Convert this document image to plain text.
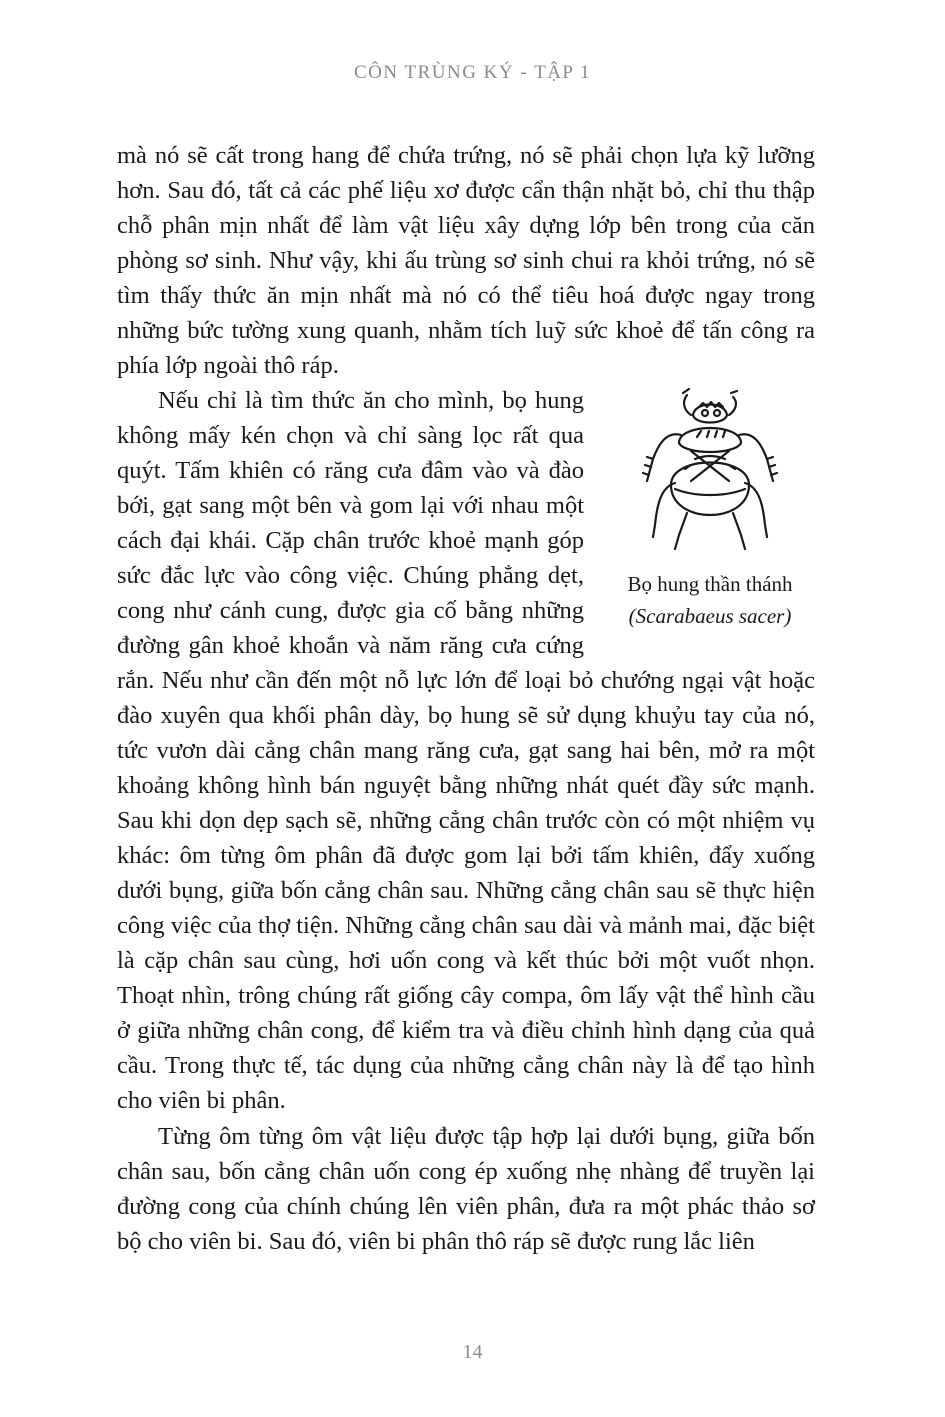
CÔN TRÙNG KÝ - TẬP 1

mà nó sẽ cất trong hang để chứa trứng, nó sẽ phải chọn lựa kỹ lưỡng hơn. Sau đó, tất cả các phế liệu xơ được cẩn thận nhặt bỏ, chỉ thu thập chỗ phân mịn nhất để làm vật liệu xây dựng lớp bên trong của căn phòng sơ sinh. Như vậy, khi ấu trùng sơ sinh chui ra khỏi trứng, nó sẽ tìm thấy thức ăn mịn nhất mà nó có thể tiêu hoá được ngay trong những bức tường xung quanh, nhằm tích luỹ sức khoẻ để tấn công ra phía lớp ngoài thô ráp.

Bọ hung thần thánh
(Scarabaeus sacer)

Nếu chỉ là tìm thức ăn cho mình, bọ hung không mấy kén chọn và chỉ sàng lọc rất qua quýt. Tấm khiên có răng cưa đâm vào và đào bới, gạt sang một bên và gom lại với nhau một cách đại khái. Cặp chân trước khoẻ mạnh góp sức đắc lực vào công việc. Chúng phẳng dẹt, cong như cánh cung, được gia cố bằng những đường gân khoẻ khoắn và năm răng cưa cứng rắn. Nếu như cần đến một nỗ lực lớn để loại bỏ chướng ngại vật hoặc đào xuyên qua khối phân dày, bọ hung sẽ sử dụng khuỷu tay của nó, tức vươn dài cẳng chân mang răng cưa, gạt sang hai bên, mở ra một khoảng không hình bán nguyệt bằng những nhát quét đầy sức mạnh. Sau khi dọn dẹp sạch sẽ, những cẳng chân trước còn có một nhiệm vụ khác: ôm từng ôm phân đã được gom lại bởi tấm khiên, đẩy xuống dưới bụng, giữa bốn cẳng chân sau. Những cẳng chân sau sẽ thực hiện công việc của thợ tiện. Những cẳng chân sau dài và mảnh mai, đặc biệt là cặp chân sau cùng, hơi uốn cong và kết thúc bởi một vuốt nhọn. Thoạt nhìn, trông chúng rất giống cây compa, ôm lấy vật thể hình cầu ở giữa những chân cong, để kiểm tra và điều chỉnh hình dạng của quả cầu. Trong thực tế, tác dụng của những cẳng chân này là để tạo hình cho viên bi phân.

Từng ôm từng ôm vật liệu được tập hợp lại dưới bụng, giữa bốn chân sau, bốn cẳng chân uốn cong ép xuống nhẹ nhàng để truyền lại đường cong của chính chúng lên viên phân, đưa ra một phác thảo sơ bộ cho viên bi. Sau đó, viên bi phân thô ráp sẽ được rung lắc liên

14
